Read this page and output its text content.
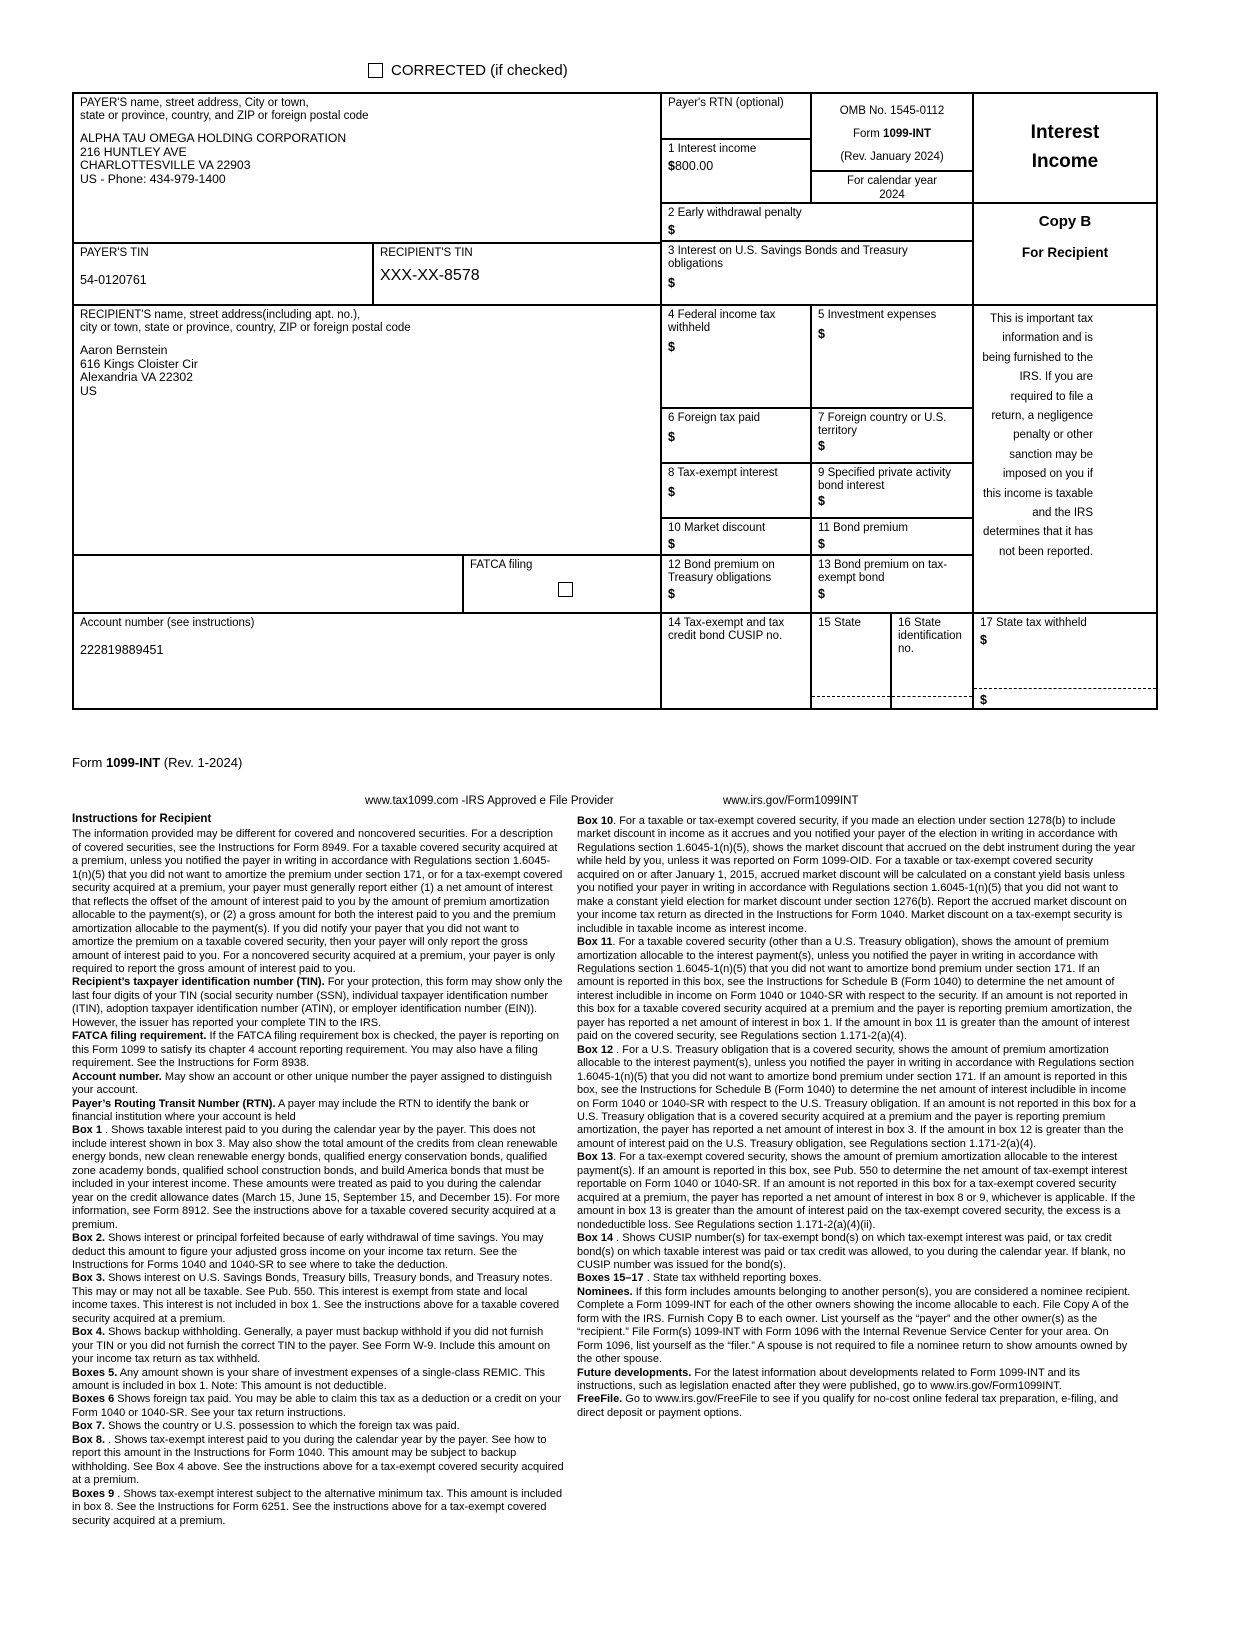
CORRECTED (if checked)
PAYER'S name, street address, City or town,
state or province, country, and ZIP or foreign postal code
ALPHA TAU OMEGA HOLDING CORPORATION
216 HUNTLEY AVE
CHARLOTTESVILLE VA 22903
US - Phone: 434-979-1400
PAYER'S TIN
54-0120761
RECIPIENT'S TIN
XXX-XX-8578
RECIPIENT'S name, street address(including apt. no.),
city or town, state or province, country, ZIP or foreign postal code
Aaron Bernstein
616 Kings Cloister Cir
Alexandria VA 22302
US
FATCA filing
Account number (see instructions)
222819889451
Payer's RTN (optional)
1 Interest income
$800.00
OMB No. 1545-0112
Form 1099-INT
(Rev. January 2024)
For calendar year
2024
2 Early withdrawal penalty
$
3 Interest on U.S. Savings Bonds and Treasury obligations
$
4 Federal income tax withheld
$
5 Investment expenses
$
6 Foreign tax paid
$
7 Foreign country or U.S. territory
$
8 Tax-exempt interest
$
9 Specified private activity bond interest
$
10 Market discount
$
11 Bond premium
$
12 Bond premium on Treasury obligations
$
13 Bond premium on tax-exempt bond
$
14 Tax-exempt and tax credit bond CUSIP no.
15 State	16 State identification no.
17 State tax withheld
$
$
Interest
Income
Copy B
For Recipient
This is important tax information and is being furnished to the IRS. If you are required to file a return, a negligence penalty or other sanction may be imposed on you if this income is taxable and the IRS determines that it has not been reported.
Form 1099-INT (Rev. 1-2024)
www.tax1099.com -IRS Approved e File Provider	www.irs.gov/Form1099INT
Instructions for Recipient

The information provided may be different for covered and noncovered securities. For a description of covered securities, see the Instructions for Form 8949. For a taxable covered security acquired at a premium, unless you notified the payer in writing in accordance with Regulations section 1.6045-1(n)(5) that you did not want to amortize the premium under section 171, or for a tax-exempt covered security acquired at a premium, your payer must generally report either (1) a net amount of interest that reflects the offset of the amount of interest paid to you by the amount of premium amortization allocable to the payment(s), or (2) a gross amount for both the interest paid to you and the premium amortization allocable to the payment(s). If you did notify your payer that you did not want to amortize the premium on a taxable covered security, then your payer will only report the gross amount of interest paid to you. For a noncovered security acquired at a premium, your payer is only required to report the gross amount of interest paid to you.

Recipient’s taxpayer identification number (TIN). For your protection, this form may show only the last four digits of your TIN (social security number (SSN), individual taxpayer identification number (ITIN), adoption taxpayer identification number (ATIN), or employer identification number (EIN)). However, the issuer has reported your complete TIN to the IRS.

FATCA filing requirement. If the FATCA filing requirement box is checked, the payer is reporting on this Form 1099 to satisfy its chapter 4 account reporting requirement. You may also have a filing requirement. See the Instructions for Form 8938.

Account number. May show an account or other unique number the payer assigned to distinguish your account.

Payer’s Routing Transit Number (RTN). A payer may include the RTN to identify the bank or financial institution where your account is held

Box 1 . Shows taxable interest paid to you during the calendar year by the payer. This does not include interest shown in box 3. May also show the total amount of the credits from clean renewable energy bonds, new clean renewable energy bonds, qualified energy conservation bonds, qualified zone academy bonds, qualified school construction bonds, and build America bonds that must be included in your interest income. These amounts were treated as paid to you during the calendar year on the credit allowance dates (March 15, June 15, September 15, and December 15). For more information, see Form 8912. See the instructions above for a taxable covered security acquired at a premium.

Box 2. Shows interest or principal forfeited because of early withdrawal of time savings. You may deduct this amount to figure your adjusted gross income on your income tax return. See the Instructions for Forms 1040 and 1040-SR to see where to take the deduction.

Box 3. Shows interest on U.S. Savings Bonds, Treasury bills, Treasury bonds, and Treasury notes. This may or may not all be taxable. See Pub. 550. This interest is exempt from state and local income taxes. This interest is not included in box 1. See the instructions above for a taxable covered security acquired at a premium.

Box 4. Shows backup withholding. Generally, a payer must backup withhold if you did not furnish your TIN or you did not furnish the correct TIN to the payer. See Form W-9. Include this amount on your income tax return as tax withheld.

Boxes 5. Any amount shown is your share of investment expenses of a single-class REMIC. This amount is included in box 1. Note: This amount is not deductible.

Boxes 6 Shows foreign tax paid. You may be able to claim this tax as a deduction or a credit on your Form 1040 or 1040-SR. See your tax return instructions.

Box 7. Shows the country or U.S. possession to which the foreign tax was paid.

Box 8. . Shows tax-exempt interest paid to you during the calendar year by the payer. See how to report this amount in the Instructions for Form 1040. This amount may be subject to backup withholding. See Box 4 above. See the instructions above for a tax-exempt covered security acquired at a premium.

Boxes 9 . Shows tax-exempt interest subject to the alternative minimum tax. This amount is included in box 8. See the Instructions for Form 6251. See the instructions above for a tax-exempt covered security acquired at a premium.

Box 10. For a taxable or tax-exempt covered security, if you made an election under section 1278(b) to include market discount in income as it accrues and you notified your payer of the election in writing in accordance with Regulations section 1.6045-1(n)(5), shows the market discount that accrued on the debt instrument during the year while held by you, unless it was reported on Form 1099-OID. For a taxable or tax-exempt covered security acquired on or after January 1, 2015, accrued market discount will be calculated on a constant yield basis unless you notified your payer in writing in accordance with Regulations section 1.6045-1(n)(5) that you did not want to make a constant yield election for market discount under section 1276(b). Report the accrued market discount on your income tax return as directed in the Instructions for Form 1040. Market discount on a tax-exempt security is includible in taxable income as interest income.

Box 11. For a taxable covered security (other than a U.S. Treasury obligation), shows the amount of premium amortization allocable to the interest payment(s), unless you notified the payer in writing in accordance with Regulations section 1.6045-1(n)(5) that you did not want to amortize bond premium under section 171. If an amount is reported in this box, see the Instructions for Schedule B (Form 1040) to determine the net amount of interest includible in income on Form 1040 or 1040-SR with respect to the security. If an amount is not reported in this box for a taxable covered security acquired at a premium and the payer is reporting premium amortization, the payer has reported a net amount of interest in box 1. If the amount in box 11 is greater than the amount of interest paid on the covered security, see Regulations section 1.171-2(a)(4).

Box 12 . For a U.S. Treasury obligation that is a covered security, shows the amount of premium amortization allocable to the interest payment(s), unless you notified the payer in writing in accordance with Regulations section 1.6045-1(n)(5) that you did not want to amortize bond premium under section 171. If an amount is reported in this box, see the Instructions for Schedule B (Form 1040) to determine the net amount of interest includible in income on Form 1040 or 1040-SR with respect to the U.S. Treasury obligation. If an amount is not reported in this box for a U.S. Treasury obligation that is a covered security acquired at a premium and the payer is reporting premium amortization, the payer has reported a net amount of interest in box 3. If the amount in box 12 is greater than the amount of interest paid on the U.S. Treasury obligation, see Regulations section 1.171-2(a)(4).

Box 13. For a tax-exempt covered security, shows the amount of premium amortization allocable to the interest payment(s). If an amount is reported in this box, see Pub. 550 to determine the net amount of tax-exempt interest reportable on Form 1040 or 1040-SR. If an amount is not reported in this box for a tax-exempt covered security acquired at a premium, the payer has reported a net amount of interest in box 8 or 9, whichever is applicable. If the amount in box 13 is greater than the amount of interest paid on the tax-exempt covered security, the excess is a nondeductible loss. See Regulations section 1.171-2(a)(4)(ii).

Box 14 . Shows CUSIP number(s) for tax-exempt bond(s) on which tax-exempt interest was paid, or tax credit bond(s) on which taxable interest was paid or tax credit was allowed, to you during the calendar year. If blank, no CUSIP number was issued for the bond(s).

Boxes 15–17 . State tax withheld reporting boxes.

Nominees. If this form includes amounts belonging to another person(s), you are considered a nominee recipient. Complete a Form 1099-INT for each of the other owners showing the income allocable to each. File Copy A of the form with the IRS. Furnish Copy B to each owner. List yourself as the “payer” and the other owner(s) as the “recipient.” File Form(s) 1099-INT with Form 1096 with the Internal Revenue Service Center for your area. On Form 1096, list yourself as the “filer.” A spouse is not required to file a nominee return to show amounts owned by the other spouse.

Future developments. For the latest information about developments related to Form 1099-INT and its instructions, such as legislation enacted after they were published, go to www.irs.gov/Form1099INT.

FreeFile. Go to www.irs.gov/FreeFile to see if you qualify for no-cost online federal tax preparation, e-filing, and direct deposit or payment options.
